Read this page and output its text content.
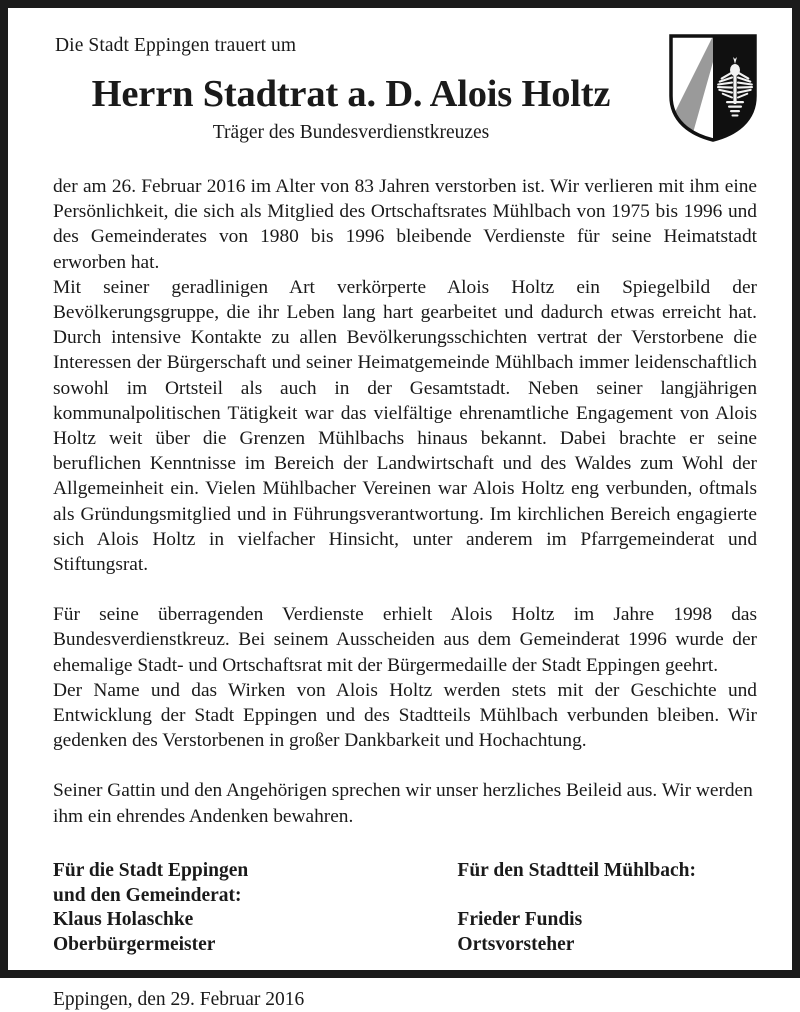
Die Stadt Eppingen trauert um

Herrn Stadtrat a. D. Alois Holtz

Träger des Bundesverdienstkreuzes

der am 26. Februar 2016 im Alter von 83 Jahren verstorben ist. Wir verlieren mit ihm eine Persönlichkeit, die sich als Mitglied des Ortschaftsrates Mühlbach von 1975 bis 1996 und des Gemeinderates von 1980 bis 1996 bleibende Verdienste für seine Heimatstadt erworben hat.

Mit seiner geradlinigen Art verkörperte Alois Holtz ein Spiegelbild der Bevölkerungsgruppe, die ihr Leben lang hart gearbeitet und dadurch etwas erreicht hat. Durch intensive Kontakte zu allen Bevölkerungsschichten vertrat der Verstorbene die Interessen der Bürgerschaft und seiner Heimatgemeinde Mühlbach immer leidenschaftlich sowohl im Ortsteil als auch in der Gesamtstadt. Neben seiner langjährigen kommunalpolitischen Tätigkeit war das vielfältige ehrenamtliche Engagement von Alois Holtz weit über die Grenzen Mühlbachs hinaus bekannt. Dabei brachte er seine beruflichen Kenntnisse im Bereich der Landwirtschaft und des Waldes zum Wohl der Allgemeinheit ein. Vielen Mühlbacher Vereinen war Alois Holtz eng verbunden, oftmals als Gründungsmitglied und in Führungsverantwortung. Im kirchlichen Bereich engagierte sich Alois Holtz in vielfacher Hinsicht, unter anderem im Pfarrgemeinderat und Stiftungsrat.

Für seine überragenden Verdienste erhielt Alois Holtz im Jahre 1998 das Bundesverdienstkreuz. Bei seinem Ausscheiden aus dem Gemeinderat 1996 wurde der ehemalige Stadt- und Ortschaftsrat mit der Bürgermedaille der Stadt Eppingen geehrt.

Der Name und das Wirken von Alois Holtz werden stets mit der Geschichte und Entwicklung der Stadt Eppingen und des Stadtteils Mühlbach verbunden bleiben. Wir gedenken des Verstorbenen in großer Dankbarkeit und Hochachtung.

Seiner Gattin und den Angehörigen sprechen wir unser herzliches Beileid aus. Wir werden ihm ein ehrendes Andenken bewahren.

Für die Stadt Eppingen
und den Gemeinderat:
Klaus Holaschke
Oberbürgermeister
Für den Stadtteil Mühlbach:
Frieder Fundis
Ortsvorsteher
Eppingen, den 29. Februar 2016
